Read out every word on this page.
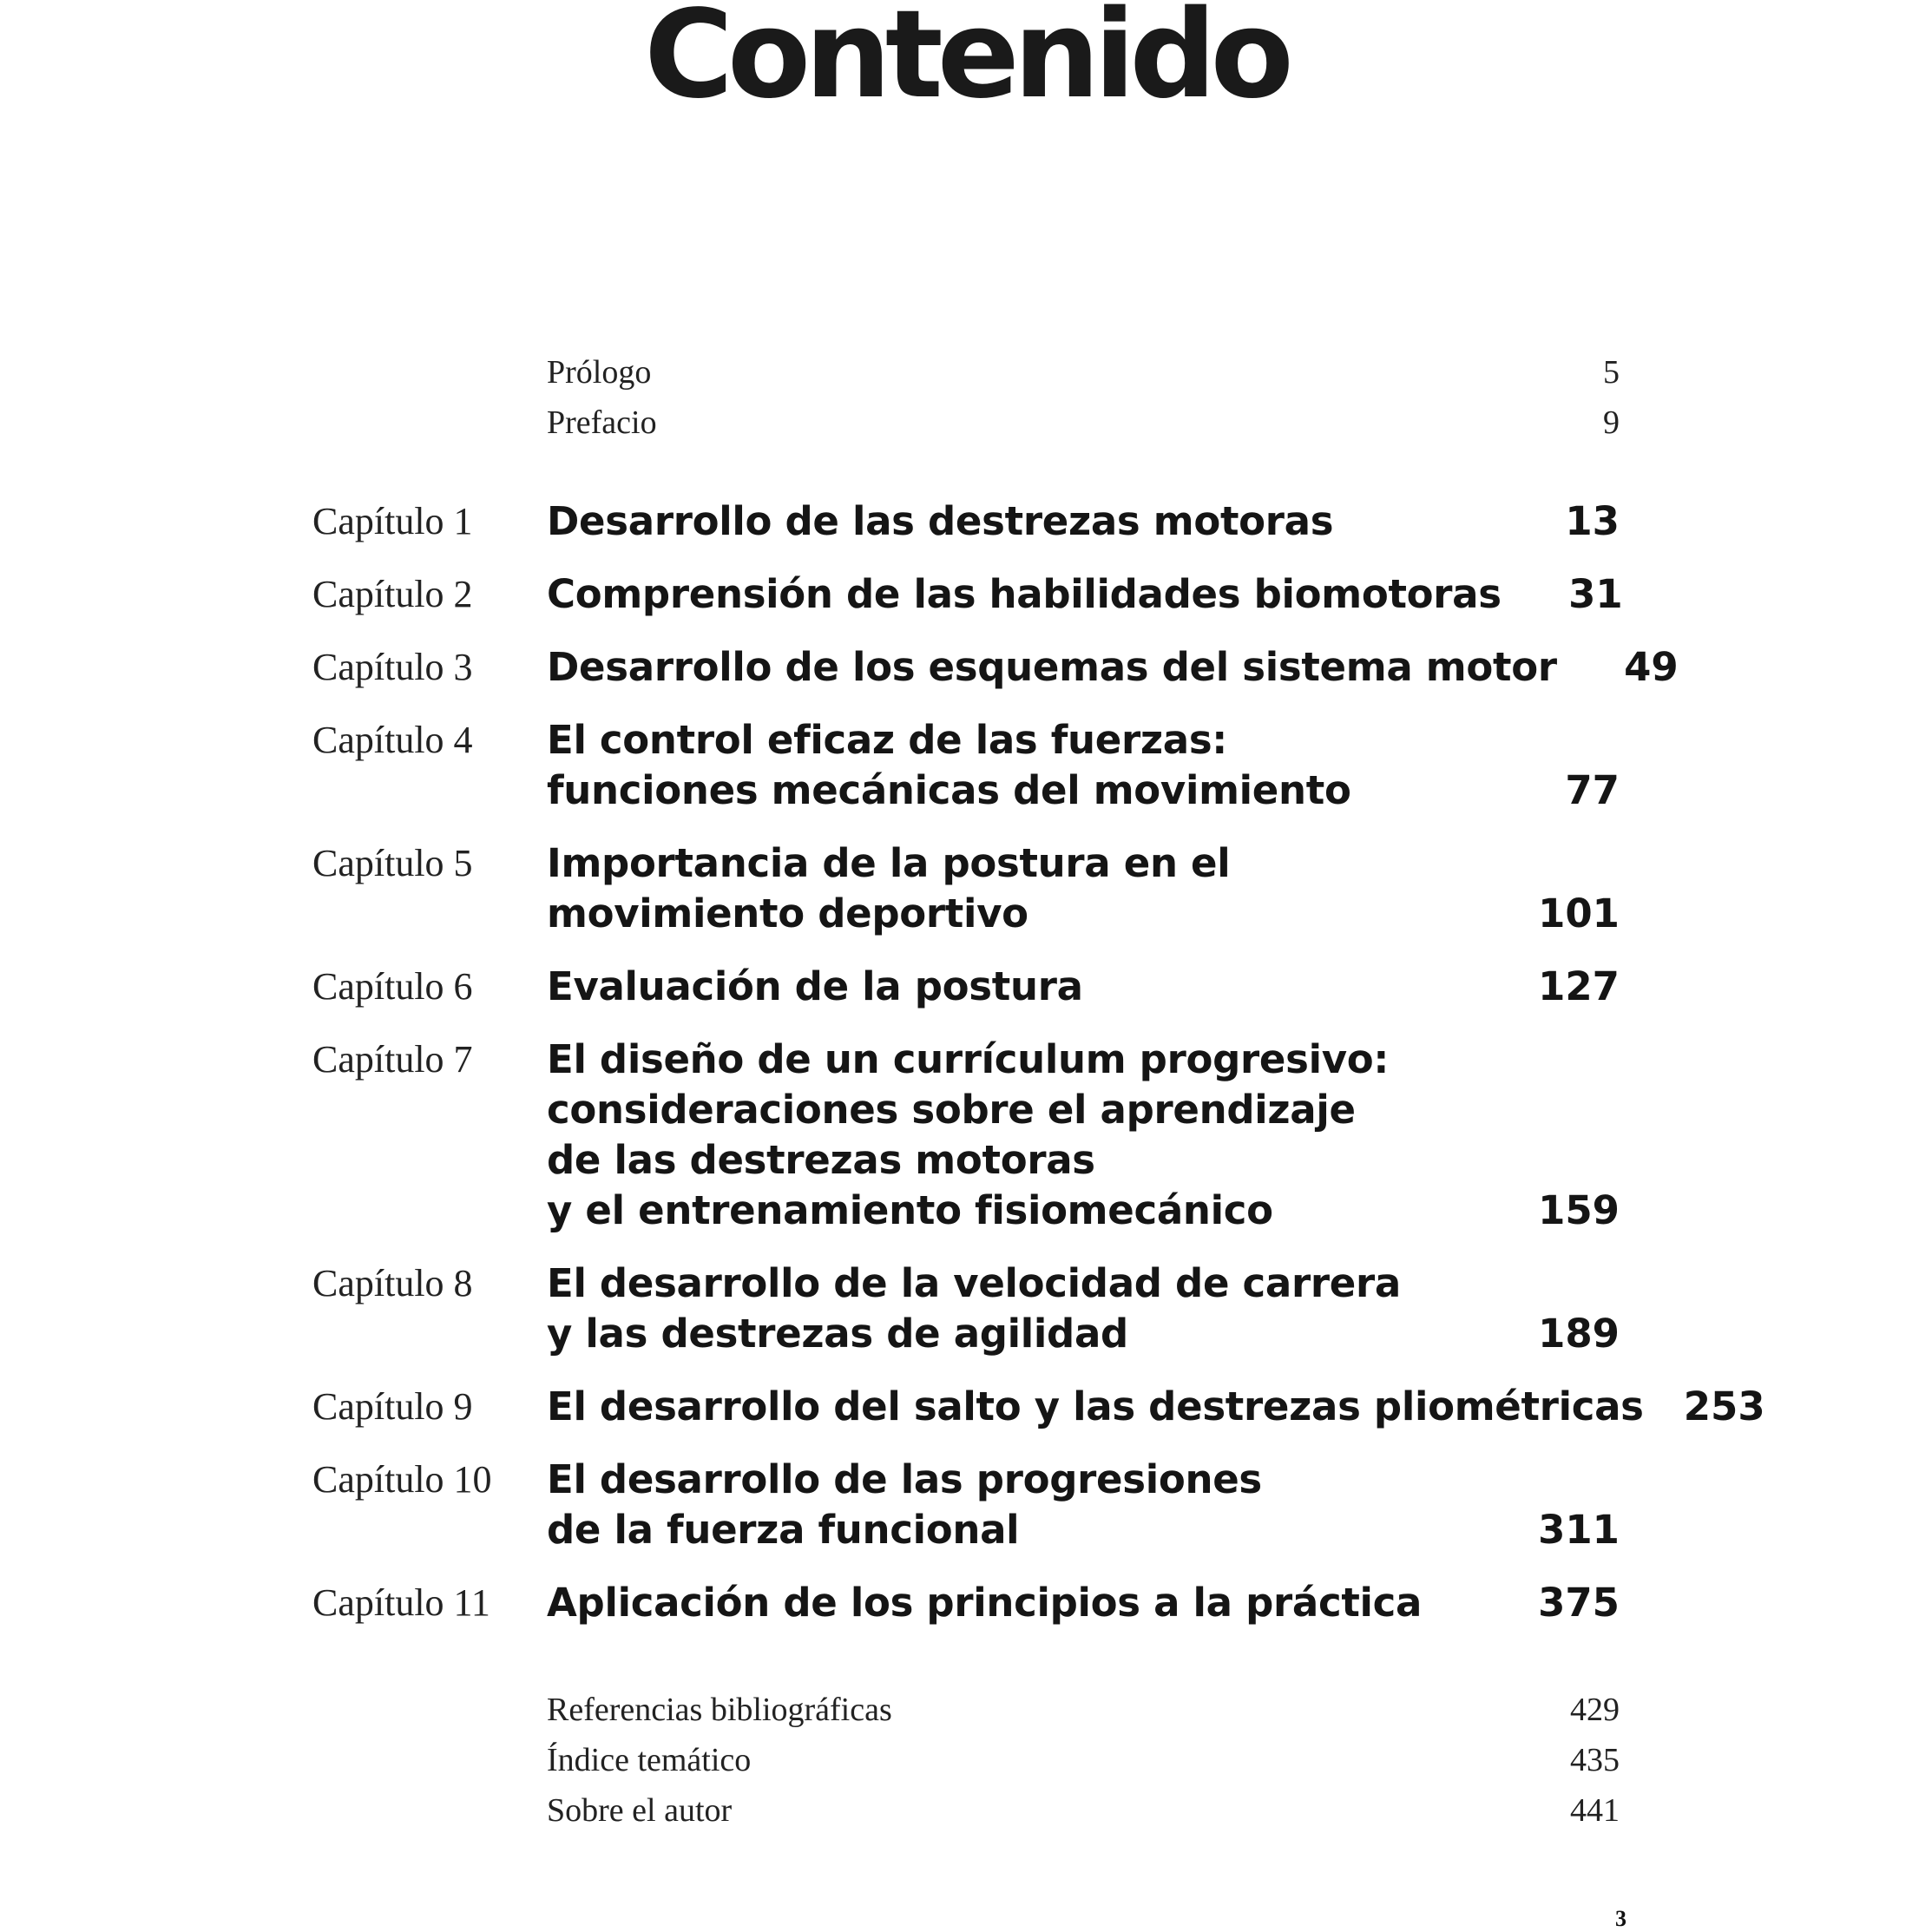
Contenido
Prólogo	5
Prefacio	9
Capítulo 1	Desarrollo de las destrezas motoras	13
Capítulo 2	Comprensión de las habilidades biomotoras	31
Capítulo 3	Desarrollo de los esquemas del sistema motor	49
Capítulo 4	El control eficaz de las fuerzas:
funciones mecánicas del movimiento	77
Capítulo 5	Importancia de la postura en el
movimiento deportivo	101
Capítulo 6	Evaluación de la postura	127
Capítulo 7	El diseño de un currículum progresivo:
consideraciones sobre el aprendizaje
de las destrezas motoras
y el entrenamiento fisiomecánico	159
Capítulo 8	El desarrollo de la velocidad de carrera
y las destrezas de agilidad	189
Capítulo 9	El desarrollo del salto y las destrezas pliométricas	253
Capítulo 10	El desarrollo de las progresiones
de la fuerza funcional	311
Capítulo 11	Aplicación de los principios a la práctica	375
Referencias bibliográficas	429
Índice temático	435
Sobre el autor	441
3
